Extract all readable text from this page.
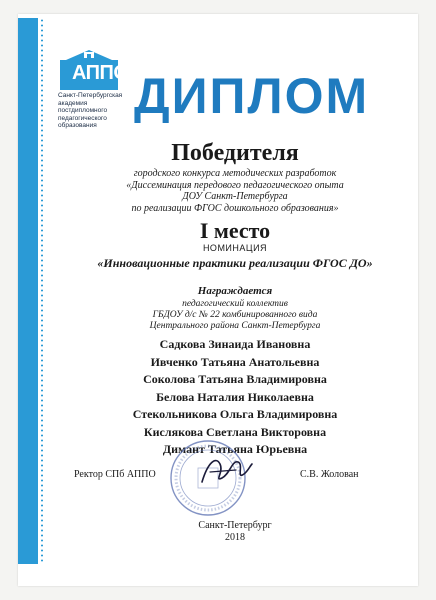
АППО
Санкт-Петербургская
академия постдипломного
педагогического образования
ДИПЛОМ
Победителя
городского конкурса методических разработок
«Диссеминация передового педагогического опыта
ДОУ Санкт-Петербурга
по реализации ФГОС дошкольного образования»
I место
НОМИНАЦИЯ
«Инновационные практики реализации ФГОС ДО»
Награждается
педагогический коллектив
ГБДОУ д/с № 22 комбинированного вида
Центрального района Санкт-Петербурга
Садкова Зинаида Ивановна
Ивченко Татьяна Анатольевна
Соколова Татьяна Владимировна
Белова Наталия Николаевна
Стекольникова Ольга Владимировна
Кислякова Светлана Викторовна
Димант Татьяна Юрьевна
Ректор СПб АППО	С.В. Жолован
Санкт-Петербург
2018
